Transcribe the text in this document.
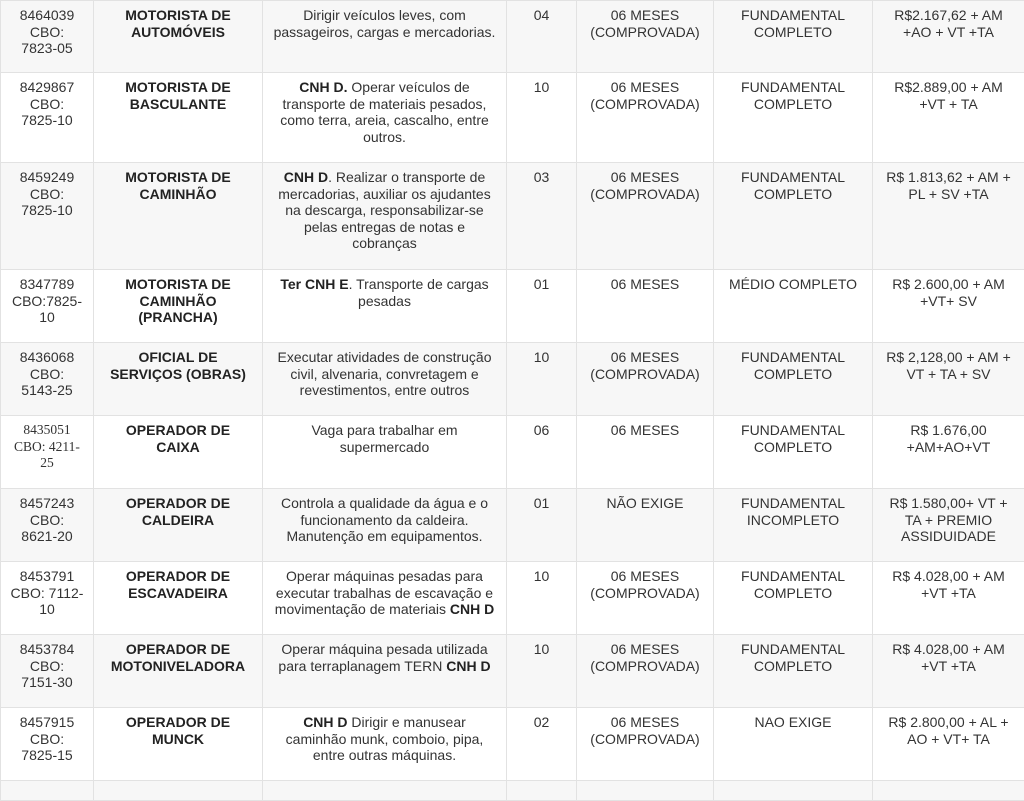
8464039
CBO:
7823-05	MOTORISTA DE
AUTOMÓVEIS	Dirigir veículos leves, com
passageiros, cargas e mercadorias.	04	06 MESES
(COMPROVADA)	FUNDAMENTAL
COMPLETO	R$2.167,62 + AM
+AO + VT +TA

8429867
CBO:
7825-10	MOTORISTA DE
BASCULANTE	CNH D. Operar veículos de
transporte de materiais pesados,
como terra, areia, cascalho, entre
outros.	10	06 MESES
(COMPROVADA)	FUNDAMENTAL
COMPLETO	R$2.889,00 + AM
+VT + TA

8459249
CBO:
7825-10	MOTORISTA DE
CAMINHÃO	CNH D. Realizar o transporte de
mercadorias, auxiliar os ajudantes
na descarga, responsabilizar-se
pelas entregas de notas e
cobranças	03	06 MESES
(COMPROVADA)	FUNDAMENTAL
COMPLETO	R$ 1.813,62 + AM +
PL + SV +TA

8347789
CBO:7825-
10	MOTORISTA DE
CAMINHÃO
(PRANCHA)	Ter CNH E. Transporte de cargas
pesadas	01	06 MESES	MÉDIO COMPLETO	R$ 2.600,00 + AM
+VT+ SV

8436068
CBO:
5143-25	OFICIAL DE
SERVIÇOS (OBRAS)	Executar atividades de construção
civil, alvenaria, convretagem e
revestimentos, entre outros	10	06 MESES
(COMPROVADA)	FUNDAMENTAL
COMPLETO	R$ 2,128,00 + AM +
VT + TA + SV

8435051
CBO: 4211-
25	OPERADOR DE
CAIXA	Vaga para trabalhar em
supermercado	06	06 MESES	FUNDAMENTAL
COMPLETO	R$ 1.676,00
+AM+AO+VT

8457243
CBO:
8621-20	OPERADOR DE
CALDEIRA	Controla a qualidade da água e o
funcionamento da caldeira.
Manutenção em equipamentos.	01	NÃO EXIGE	FUNDAMENTAL
INCOMPLETO	R$ 1.580,00+ VT +
TA + PREMIO
ASSIDUIDADE

8453791
CBO: 7112-
10	OPERADOR DE
ESCAVADEIRA	Operar máquinas pesadas para
executar trabalhas de escavação e
movimentação de materiais CNH D	10	06 MESES
(COMPROVADA)	FUNDAMENTAL
COMPLETO	R$ 4.028,00 + AM
+VT +TA

8453784
CBO:
7151-30	OPERADOR DE
MOTONIVELADORA	Operar máquina pesada utilizada
para terraplanagem TERN CNH D	10	06 MESES
(COMPROVADA)	FUNDAMENTAL
COMPLETO	R$ 4.028,00 + AM
+VT +TA

8457915
CBO:
7825-15	OPERADOR DE
MUNCK	CNH D Dirigir e manusear
caminhão munk, comboio, pipa,
entre outras máquinas.	02	06 MESES
(COMPROVADA)	NAO EXIGE	R$ 2.800,00 + AL +
AO + VT+ TA
